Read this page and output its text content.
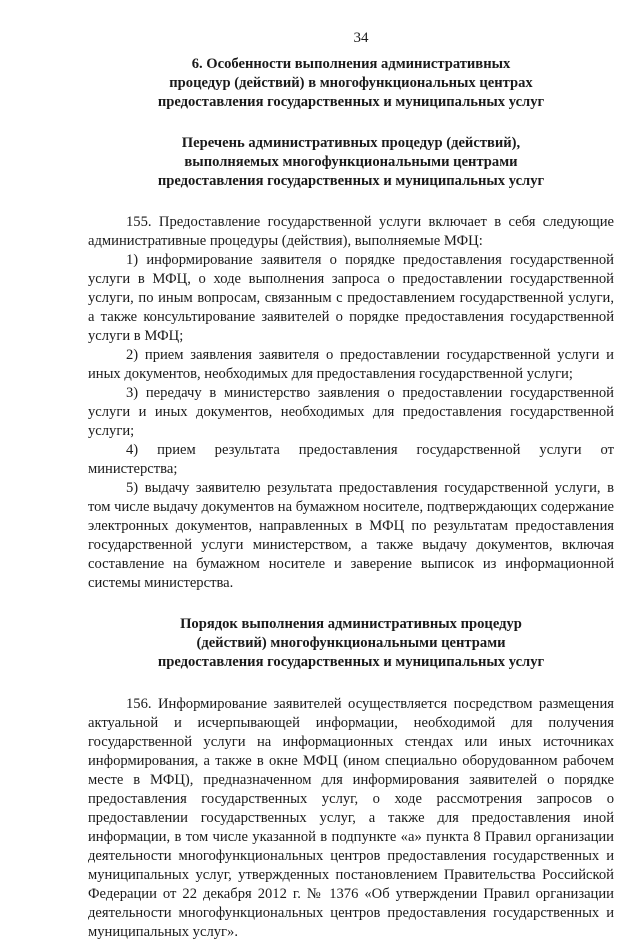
34
6. Особенности выполнения административных
процедур (действий) в многофункциональных центрах
предоставления государственных и муниципальных услуг
Перечень административных процедур (действий),
выполняемых многофункциональными центрами
предоставления государственных и муниципальных услуг

155. Предоставление государственной услуги включает в себя следующие административные процедуры (действия), выполняемые МФЦ:

1) информирование заявителя о порядке предоставления государственной услуги в МФЦ, о ходе выполнения запроса о предоставлении государственной услуги, по иным вопросам, связанным с предоставлением государственной услуги, а также консультирование заявителей о порядке предоставления государственной услуги в МФЦ;

2) прием заявления заявителя о предоставлении государственной услуги и иных документов, необходимых для предоставления государственной услуги;

3) передачу в министерство заявления о предоставлении государственной услуги и иных документов, необходимых для предоставления государственной услуги;

4) прием результата предоставления государственной услуги от министерства;

5) выдачу заявителю результата предоставления государственной услуги, в том числе выдачу документов на бумажном носителе, подтверждающих содержание электронных документов, направленных в МФЦ по результатам предоставления государственной услуги министерством, а также выдачу документов, включая составление на бумажном носителе и заверение выписок из информационной системы министерства.

Порядок выполнения административных процедур
(действий) многофункциональными центрами
предоставления государственных и муниципальных услуг

156. Информирование заявителей осуществляется посредством размещения актуальной и исчерпывающей информации, необходимой для получения государственной услуги на информационных стендах или иных источниках информирования, а также в окне МФЦ (ином специально оборудованном рабочем месте в МФЦ), предназначенном для информирования заявителей о порядке предоставления государственных услуг, о ходе рассмотрения запросов о предоставлении государственных услуг, а также для предоставления иной информации, в том числе указанной в подпункте «а» пункта 8 Правил организации деятельности многофункциональных центров предоставления государственных и муниципальных услуг, утвержденных постановлением Правительства Российской Федерации от 22 декабря 2012 г. № 1376 «Об утверждении Правил организации деятельности многофункциональных центров предоставления государственных и муниципальных услуг».
